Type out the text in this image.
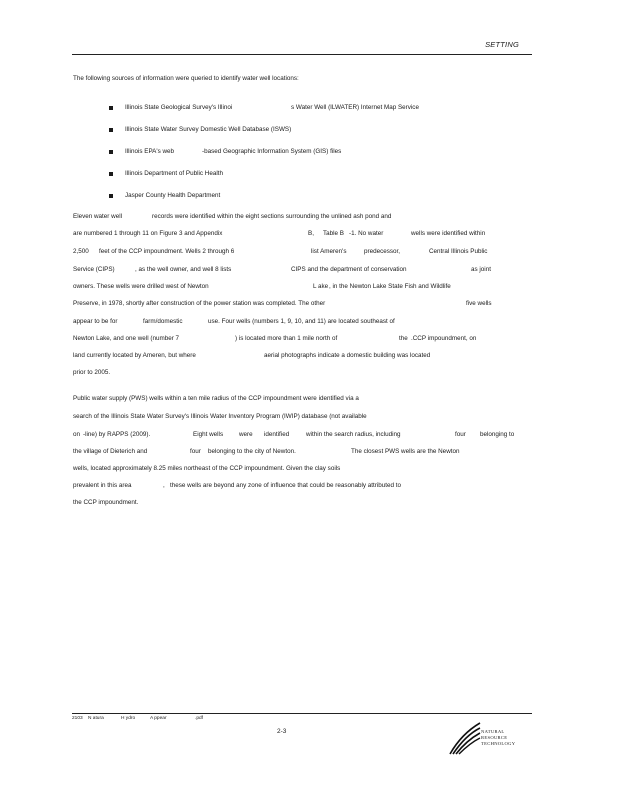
SETTING
The following sources of information were queried to identify water well locations:
Illinois State Geological Survey's Illinoi	s Water Well (ILWATER) Internet Map Service
Illinois State Water Survey Domestic Well Database (ISWS)
Illinois EPA's web	-based Geographic Information System (GIS) files
Illinois Department of Public Health
Jasper County Health Department
Eleven water well	records were identified within the eight sections surrounding the unlined ash pond and
are numbered 1 through 11 on Figure 3 and Appendix	B, Table B -1. No water	wells were identified within
2,500 feet of the CCP impoundment. Wells 2 through 6	list Ameren's	predecessor,	Central Illinois Public
Service (CIPS)	, as the well owner, and well 8 lists	CIPS and the department of conservation	as joint
owners. These wells were drilled west of Newton	L ake , in the Newton Lake State Fish and Wildlife
Preserve, in 1978, shortly after construction of the power station was completed. The other	five wells
appear to be for	farm/domestic	use. Four wells (numbers 1, 9, 10, and 11) are located southeast of
Newton Lake, and one well (number 7	) is located more than 1 mile north of	the .CCP impoundment, on
land currently located by Ameren, but where	aerial photographs indicate a domestic building was located
prior to 2005.
Public water supply (PWS) wells within a ten mile radius of the CCP impoundment were identified via a
search of the Illinois State Water Survey's Illinois Water Inventory Program (IWIP) database (not available
on -line) by RAPPS (2009).	Eight wells	were identified	within the search radius, including	four belonging to
the village of Dieterich and	four belonging to the city of Newton.	The closest PWS wells are the Newton
wells, located approximately 8.25 miles northeast of the CCP impoundment. Given the clay soils
prevalent in this area	, these wells are beyond any zone of influence that could be reasonably attributed to
the CCP impoundment.
2103 N atura	H ydro	A ppear	.pdf
2-3	NATURAL
RESOURCE
TECHNOLOGY
